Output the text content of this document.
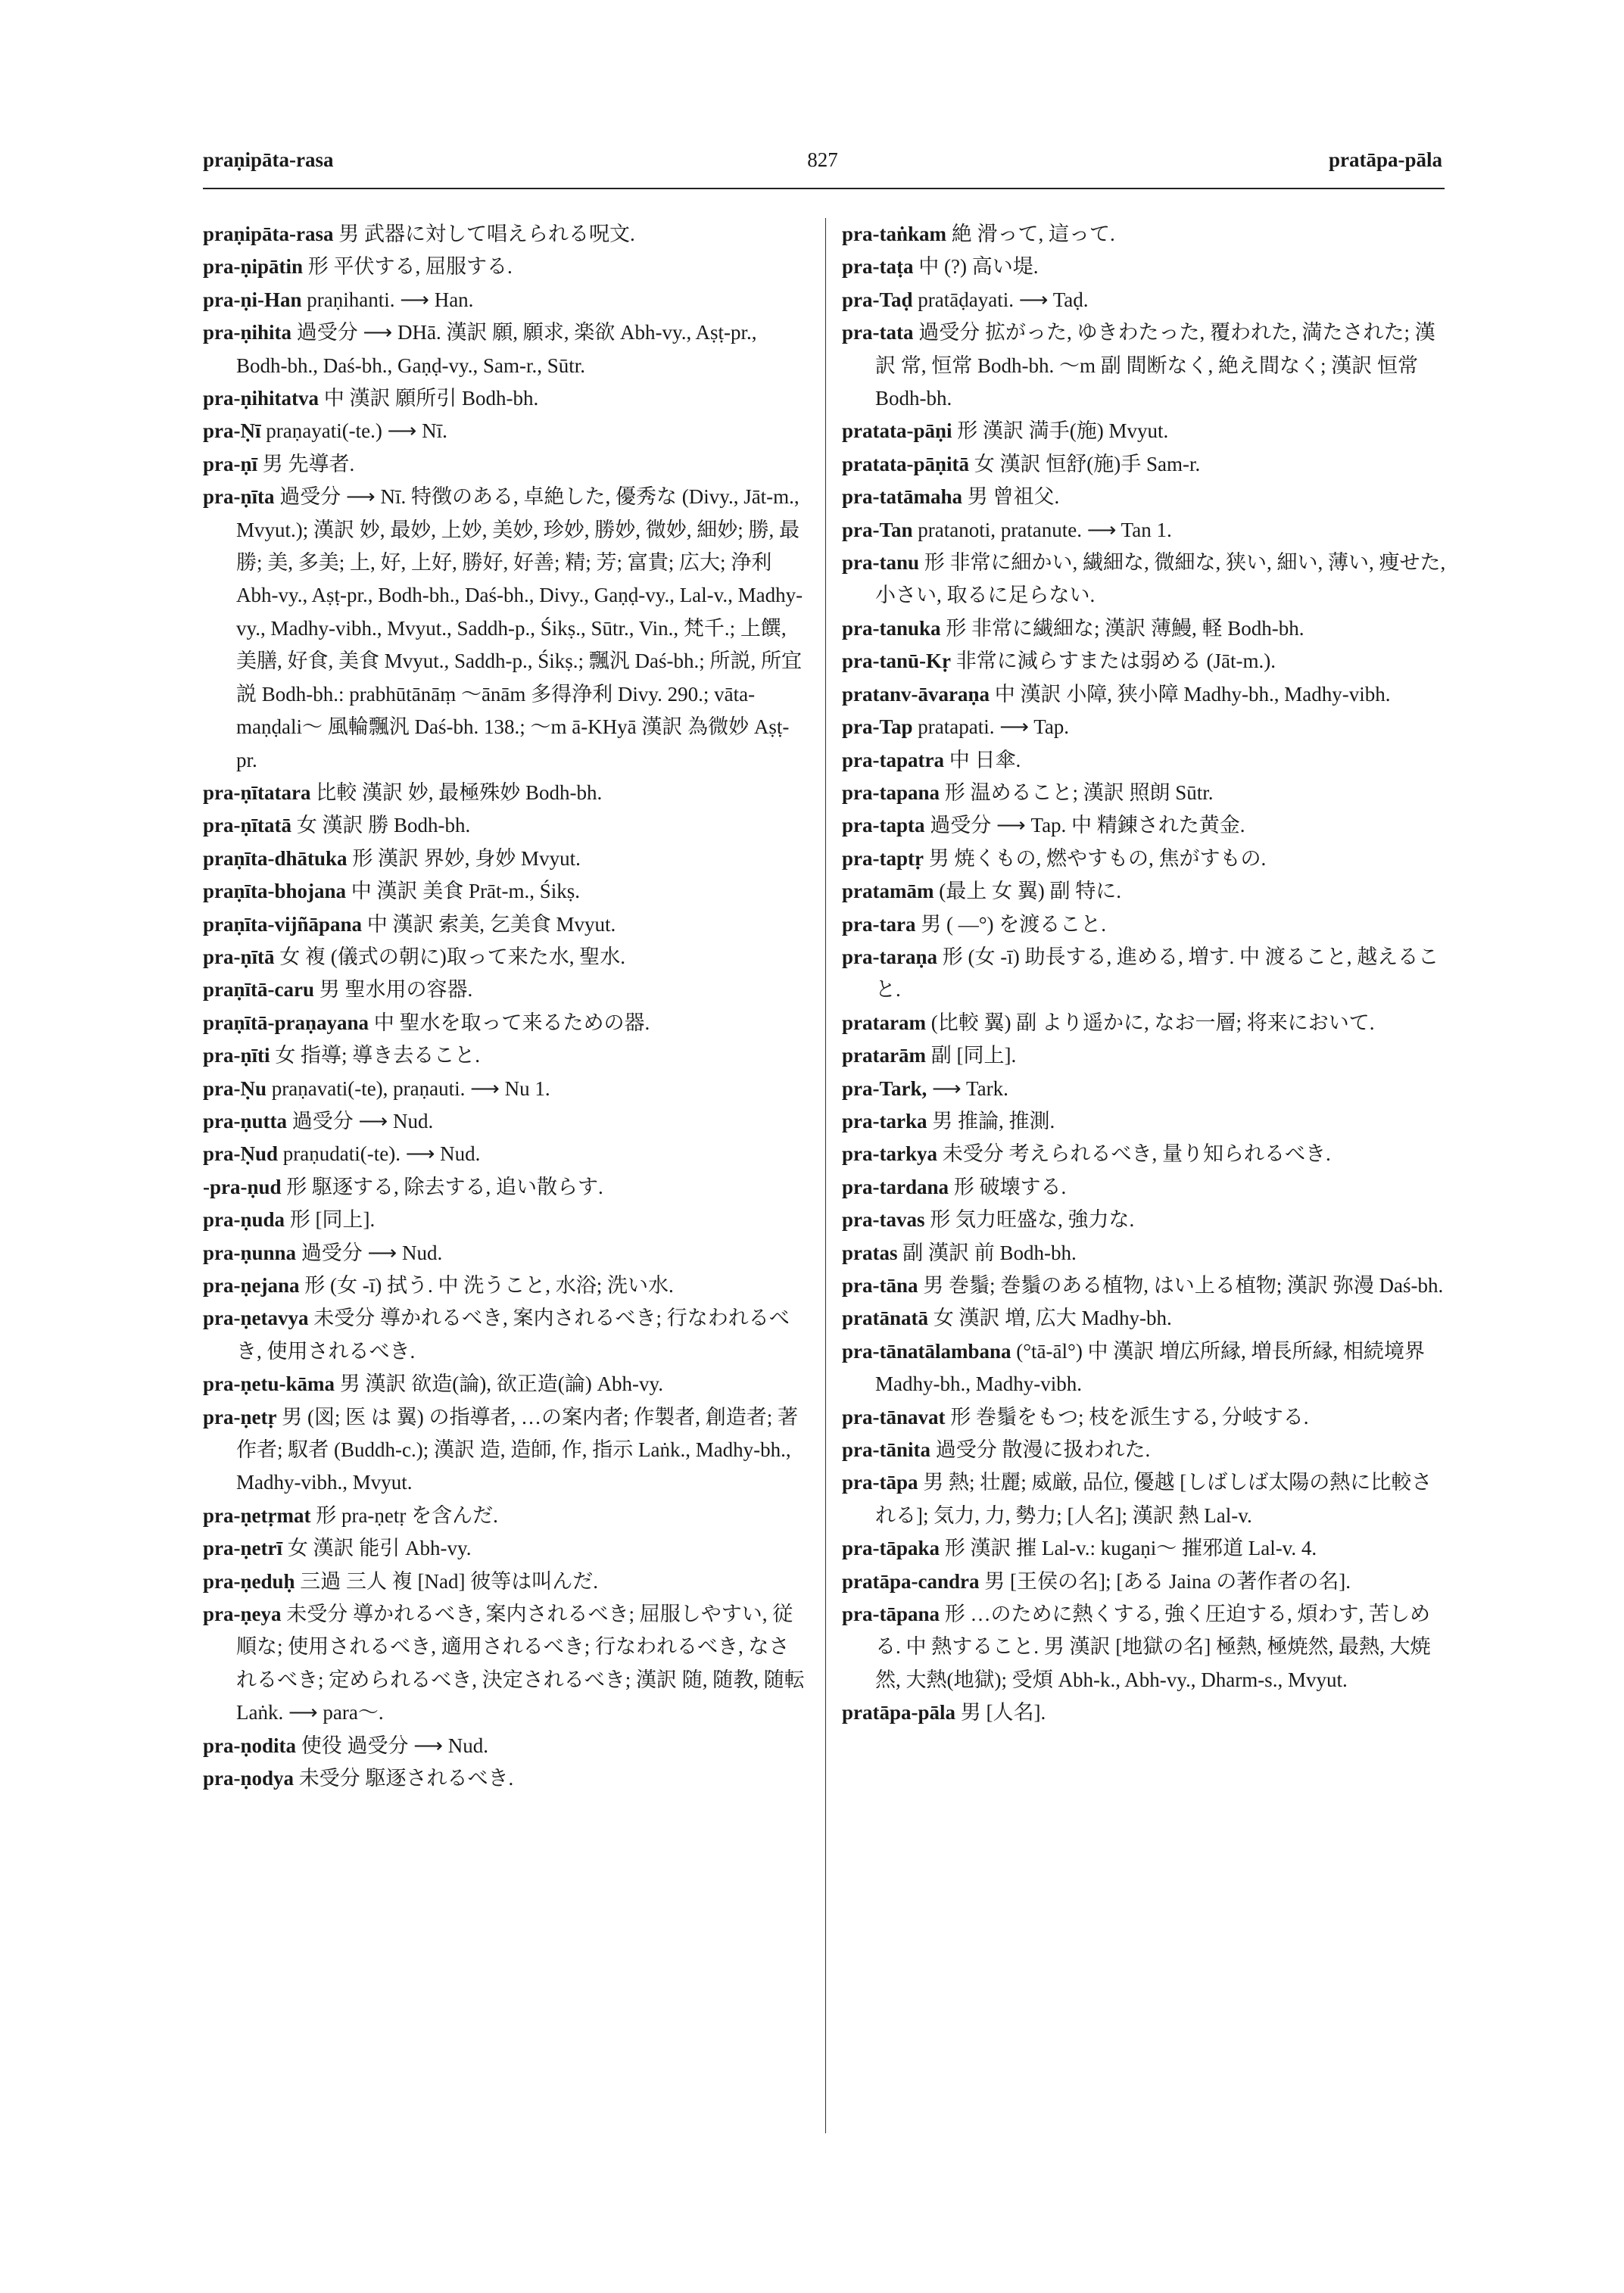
praṇipāta-rasa	827	pratāpa-pāla

praṇipāta-rasa 男 武器に対して唱えられる呪文.

pra-ṇipātin 形 平伏する, 屈服する.

pra-ṇi-Han praṇihanti. ⟶ Han.

pra-ṇihita 過受分 ⟶ DHā. 漢訳 願, 願求, 楽欲 Abh-vy., Aṣṭ-pr., Bodh-bh., Daś-bh., Gaṇḍ-vy., Sam-r., Sūtr.

pra-ṇihitatva 中 漢訳 願所引 Bodh-bh.

pra-Ṇī praṇayati(-te.) ⟶ Nī.

pra-ṇī 男 先導者.

pra-ṇīta 過受分 ⟶ Nī. 特徴のある, 卓絶した, 優秀な (Divy., Jāt-m., Mvyut.); 漢訳 妙, 最妙, 上妙, 美妙, 珍妙, 勝妙, 微妙, 細妙; 勝, 最勝; 美, 多美; 上, 好, 上好, 勝好, 好善; 精; 芳; 富貴; 広大; 浄利 Abh-vy., Aṣṭ-pr., Bodh-bh., Daś-bh., Divy., Gaṇḍ-vy., Lal-v., Madhy-vy., Madhy-vibh., Mvyut., Saddh-p., Śikṣ., Sūtr., Vin., 梵千.; 上饌, 美膳, 好食, 美食 Mvyut., Saddh-p., Śikṣ.; 飄汎 Daś-bh.; 所説, 所宜説 Bodh-bh.: prabhūtānāṃ ～ānām 多得浄利 Divy. 290.; vāta-maṇḍali～ 風輪飄汎 Daś-bh. 138.; ～m ā-KHyā 漢訳 為微妙 Aṣṭ-pr.

pra-ṇītatara 比較 漢訳 妙, 最極殊妙 Bodh-bh.

pra-ṇītatā 女 漢訳 勝 Bodh-bh.

praṇīta-dhātuka 形 漢訳 界妙, 身妙 Mvyut.

praṇīta-bhojana 中 漢訳 美食 Prāt-m., Śikṣ.

praṇīta-vijñāpana 中 漢訳 索美, 乞美食 Mvyut.

pra-ṇītā 女 複 (儀式の朝に)取って来た水, 聖水.

praṇītā-caru 男 聖水用の容器.

praṇītā-praṇayana 中 聖水を取って来るための器.

pra-ṇīti 女 指導; 導き去ること.

pra-Ṇu praṇavati(-te), praṇauti. ⟶ Nu 1.

pra-ṇutta 過受分 ⟶ Nud.

pra-Ṇud praṇudati(-te). ⟶ Nud.

-pra-ṇud 形 駆逐する, 除去する, 追い散らす.

pra-ṇuda 形 [同上].

pra-ṇunna 過受分 ⟶ Nud.

pra-ṇejana 形 (女 -ī) 拭う. 中 洗うこと, 水浴; 洗い水.

pra-ṇetavya 未受分 導かれるべき, 案内されるべき; 行なわれるべき, 使用されるべき.

pra-ṇetu-kāma 男 漢訳 欲造(論), 欲正造(論) Abh-vy.

pra-ṇetṛ 男 (図; 医 は 翼) の指導者, …の案内者; 作製者, 創造者; 著作者; 馭者 (Buddh-c.); 漢訳 造, 造師, 作, 指示 Laṅk., Madhy-bh., Madhy-vibh., Mvyut.

pra-ṇetṛmat 形 pra-ṇetṛ を含んだ.

pra-ṇetrī 女 漢訳 能引 Abh-vy.

pra-ṇeduḥ 三過 三人 複 [Nad] 彼等は叫んだ.

pra-ṇeya 未受分 導かれるべき, 案内されるべき; 屈服しやすい, 従順な; 使用されるべき, 適用されるべき; 行なわれるべき, なされるべき; 定められるべき, 決定されるべき; 漢訳 随, 随教, 随転 Laṅk. ⟶ para～.

pra-ṇodita 使役 過受分 ⟶ Nud.

pra-ṇodya 未受分 駆逐されるべき.

pra-taṅkam 絶 滑って, 這って.

pra-taṭa 中 (?) 高い堤.

pra-Taḍ pratāḍayati. ⟶ Taḍ.

pra-tata 過受分 拡がった, ゆきわたった, 覆われた, 満たされた; 漢訳 常, 恒常 Bodh-bh. ～m 副 間断なく, 絶え間なく; 漢訳 恒常 Bodh-bh.

pratata-pāṇi 形 漢訳 満手(施) Mvyut.

pratata-pāṇitā 女 漢訳 恒舒(施)手 Sam-r.

pra-tatāmaha 男 曾祖父.

pra-Tan pratanoti, pratanute. ⟶ Tan 1.

pra-tanu 形 非常に細かい, 繊細な, 微細な, 狭い, 細い, 薄い, 痩せた, 小さい, 取るに足らない.

pra-tanuka 形 非常に繊細な; 漢訳 薄鰻, 軽 Bodh-bh.

pra-tanū-Kṛ 非常に減らすまたは弱める (Jāt-m.).

pratanv-āvaraṇa 中 漢訳 小障, 狭小障 Madhy-bh., Madhy-vibh.

pra-Tap pratapati. ⟶ Tap.

pra-tapatra 中 日傘.

pra-tapana 形 温めること; 漢訳 照朗 Sūtr.

pra-tapta 過受分 ⟶ Tap. 中 精錬された黄金.

pra-taptṛ 男 焼くもの, 燃やすもの, 焦がすもの.

pratamām (最上 女 翼) 副 特に.

pra-tara 男 ( —°) を渡ること.

pra-taraṇa 形 (女 -ī) 助長する, 進める, 増す. 中 渡ること, 越えること.

prataram (比較 翼) 副 より遥かに, なお一層; 将来において.

pratarām 副 [同上].

pra-Tark, ⟶ Tark.

pra-tarka 男 推論, 推測.

pra-tarkya 未受分 考えられるべき, 量り知られるべき.

pra-tardana 形 破壊する.

pra-tavas 形 気力旺盛な, 強力な.

pratas 副 漢訳 前 Bodh-bh.

pra-tāna 男 巻鬚; 巻鬚のある植物, はい上る植物; 漢訳 弥漫 Daś-bh.

pratānatā 女 漢訳 増, 広大 Madhy-bh.

pra-tānatālambana (°tā-āl°) 中 漢訳 増広所縁, 増長所縁, 相続境界 Madhy-bh., Madhy-vibh.

pra-tānavat 形 巻鬚をもつ; 枝を派生する, 分岐する.

pra-tānita 過受分 散漫に扱われた.

pra-tāpa 男 熱; 壮麗; 威厳, 品位, 優越 [しばしば太陽の熱に比較される]; 気力, 力, 勢力; [人名]; 漢訳 熱 Lal-v.

pra-tāpaka 形 漢訳 摧 Lal-v.: kugaṇi～ 摧邪道 Lal-v. 4.

pratāpa-candra 男 [王侯の名]; [ある Jaina の著作者の名].

pra-tāpana 形 …のために熱くする, 強く圧迫する, 煩わす, 苦しめる. 中 熱すること. 男 漢訳 [地獄の名] 極熱, 極焼然, 最熱, 大焼然, 大熱(地獄); 受煩 Abh-k., Abh-vy., Dharm-s., Mvyut.

pratāpa-pāla 男 [人名].
